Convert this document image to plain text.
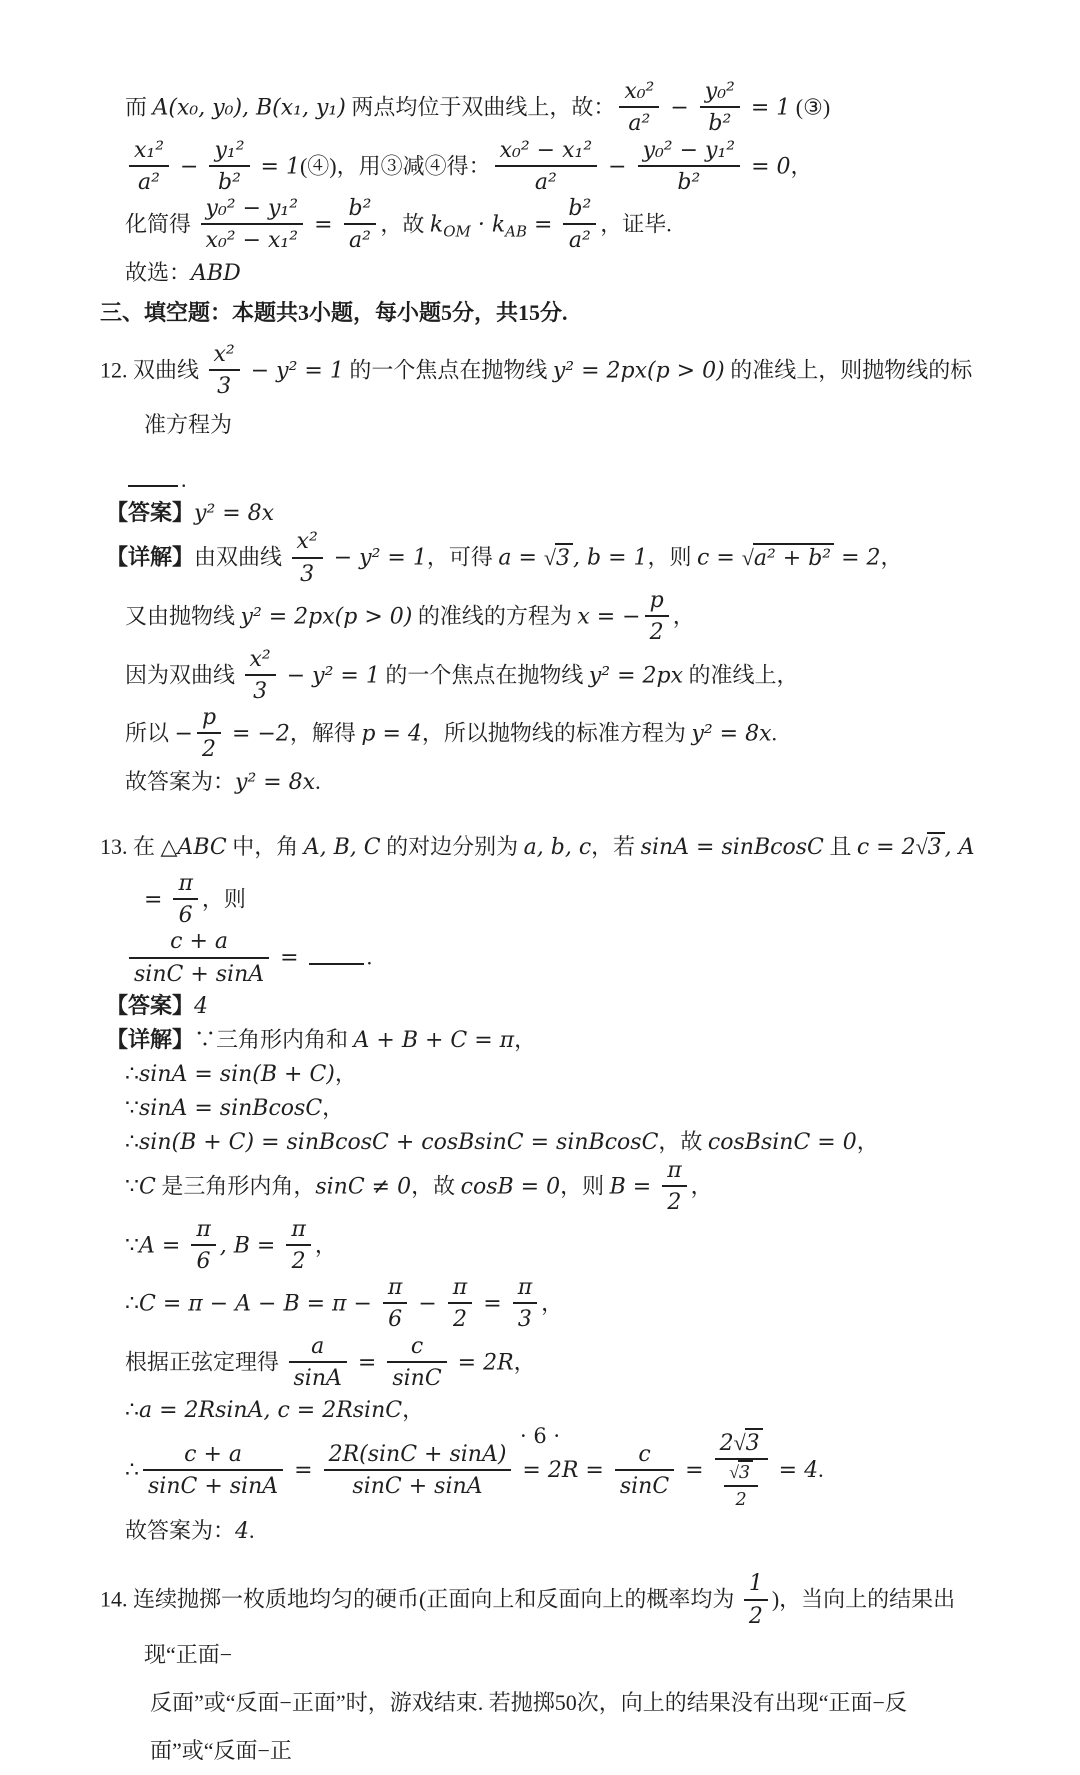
而 A(x₀, y₀), B(x₁, y₁) 两点均位于双曲线上，故： $\frac{\text{x₀²}}{\text{a²}} - \frac{\text{y₀²}}{\text{b²}} = 1$ (③)
$\frac{\text{x₁²}}{\text{a²}} - \frac{\text{y₁²}}{\text{b²}}$ = 1(④)，用③减④得： $\frac{\text{x₀² − x₁²}}{\text{a²}} - \frac{\text{y₀² − y₁²}}{\text{b²}} = 0$，
化简得 $\frac{\text{y₀² − y₁²}}{\text{x₀² − x₁²}} = \frac{\text{b²}}{\text{a²}}$ ，故 $k_{OM} \cdot k_{AB} = \frac{\text{b²}}{\text{a²}}$ ，证毕.
故选：ABD
三、填空题：本题共3小题，每小题5分，共15分.
12. 双曲线 $\frac{\text{x²}}{3} - y^2 = 1$ 的一个焦点在抛物线 y² = 2px(p > 0) 的准线上，则抛物线的标准方程为
.
【答案】y² = 8x
【详解】由双曲线 $\frac{\text{x²}}{3} - y^2 = 1$，可得 a = √3 , b = 1，则 c = √a² + b² = 2，
又由抛物线 y² = 2px(p > 0) 的准线的方程为 x = − $\frac{p}{2}$ ，
因为双曲线 $\frac{\text{x²}}{3} - y^2 = 1$ 的一个焦点在抛物线 y² = 2px 的准线上，
所以 − $\frac{p}{2} = -2$，解得 p = 4，所以抛物线的标准方程为 y² = 8x.
故答案为：y² = 8x.
13. 在 △ABC 中，角 A, B, C 的对边分别为 a, b, c，若 sinA = sinBcosC 且 c = 2√3 , $A = \frac{\pi}{6}$ ，则
$\frac{c + a}{\sin C + \sin A}$ =	.
【答案】4
【详解】∵三角形内角和 A + B + C = π，
∴sinA = sin(B + C)，
∵sinA = sinBcosC，
∴sin(B + C) = sinBcosC + cosBsinC = sinBcosC，故 cosBsinC = 0，
∵C 是三角形内角，sinC ≠ 0，故 cosB = 0，则 $B = \frac{\pi}{2}$ ，
∵A = $\frac{\pi}{6}$ , $B = \frac{\pi}{2}$ ，
∴C = $\pi - A - B = \pi - \frac{\pi}{6} - \frac{\pi}{2} = \frac{\pi}{3}$ ，
根据正弦定理得 $\frac{a}{\sin A} = \frac{c}{\sin C} = 2R$，
∴a = 2RsinA, c = 2RsinC，
∴ $\frac{c + a}{\sin C + \sin A} = \frac{2R(\sin C + \sin A)}{\sin C + \sin A} = 2R = \frac{c}{\sin C} = \frac{2√3}{\frac{√3}{2}} = 4$.
故答案为：4.
14. 连续抛掷一枚质地均匀的硬币(正面向上和反面向上的概率均为 $\frac{1}{2}$ )，当向上的结果出现“正面−
反面”或“反面−正面”时，游戏结束. 若抛掷50次，向上的结果没有出现“正面−反面”或“反面−正
· 6 ·
